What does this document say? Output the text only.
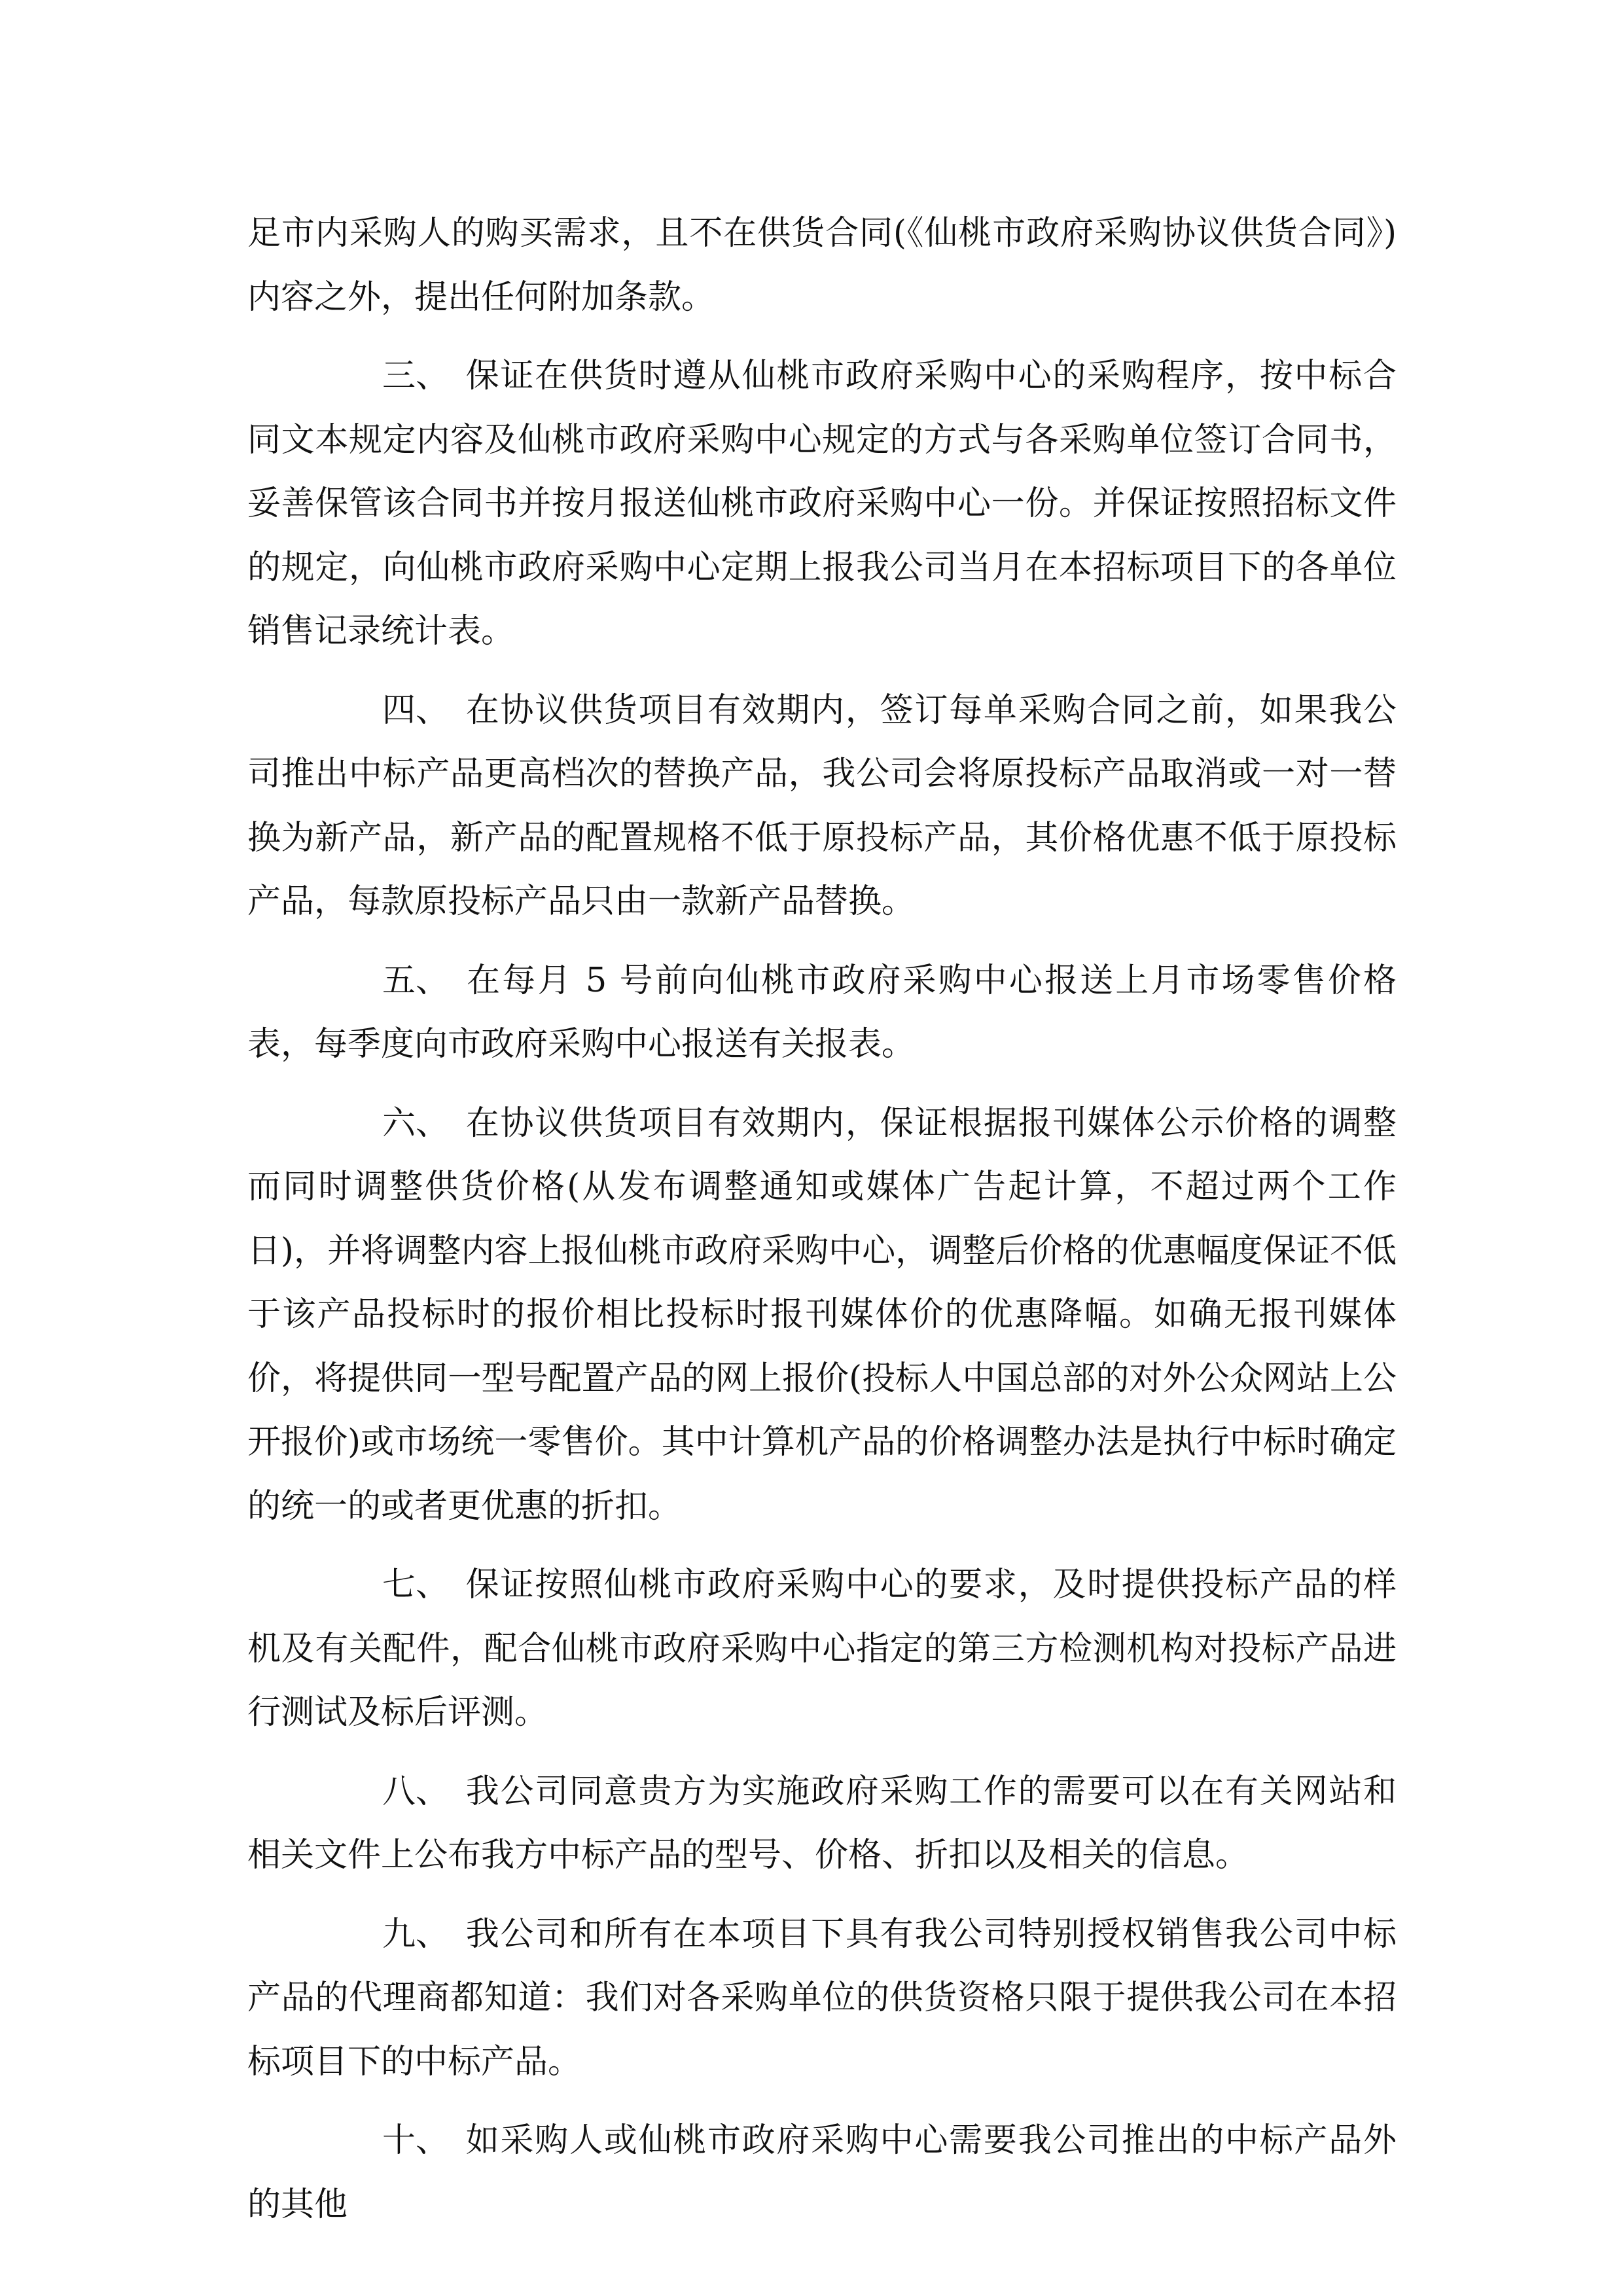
足市内采购人的购买需求，且不在供货合同(《仙桃市政府采购协议供货合同》)内容之外，提出任何附加条款。

三、 保证在供货时遵从仙桃市政府采购中心的采购程序，按中标合同文本规定内容及仙桃市政府采购中心规定的方式与各采购单位签订合同书，妥善保管该合同书并按月报送仙桃市政府采购中心一份。并保证按照招标文件的规定，向仙桃市政府采购中心定期上报我公司当月在本招标项目下的各单位销售记录统计表。

四、 在协议供货项目有效期内，签订每单采购合同之前，如果我公司推出中标产品更高档次的替换产品，我公司会将原投标产品取消或一对一替换为新产品，新产品的配置规格不低于原投标产品，其价格优惠不低于原投标产品，每款原投标产品只由一款新产品替换。

五、 在每月 5 号前向仙桃市政府采购中心报送上月市场零售价格表，每季度向市政府采购中心报送有关报表。

六、 在协议供货项目有效期内，保证根据报刊媒体公示价格的调整而同时调整供货价格(从发布调整通知或媒体广告起计算，不超过两个工作日)，并将调整内容上报仙桃市政府采购中心，调整后价格的优惠幅度保证不低于该产品投标时的报价相比投标时报刊媒体价的优惠降幅。如确无报刊媒体价，将提供同一型号配置产品的网上报价(投标人中国总部的对外公众网站上公开报价)或市场统一零售价。其中计算机产品的价格调整办法是执行中标时确定的统一的或者更优惠的折扣。

七、 保证按照仙桃市政府采购中心的要求，及时提供投标产品的样机及有关配件，配合仙桃市政府采购中心指定的第三方检测机构对投标产品进行测试及标后评测。

八、 我公司同意贵方为实施政府采购工作的需要可以在有关网站和相关文件上公布我方中标产品的型号、价格、折扣以及相关的信息。

九、 我公司和所有在本项目下具有我公司特别授权销售我公司中标产品的代理商都知道：我们对各采购单位的供货资格只限于提供我公司在本招标项目下的中标产品。

十、 如采购人或仙桃市政府采购中心需要我公司推出的中标产品外的其他
